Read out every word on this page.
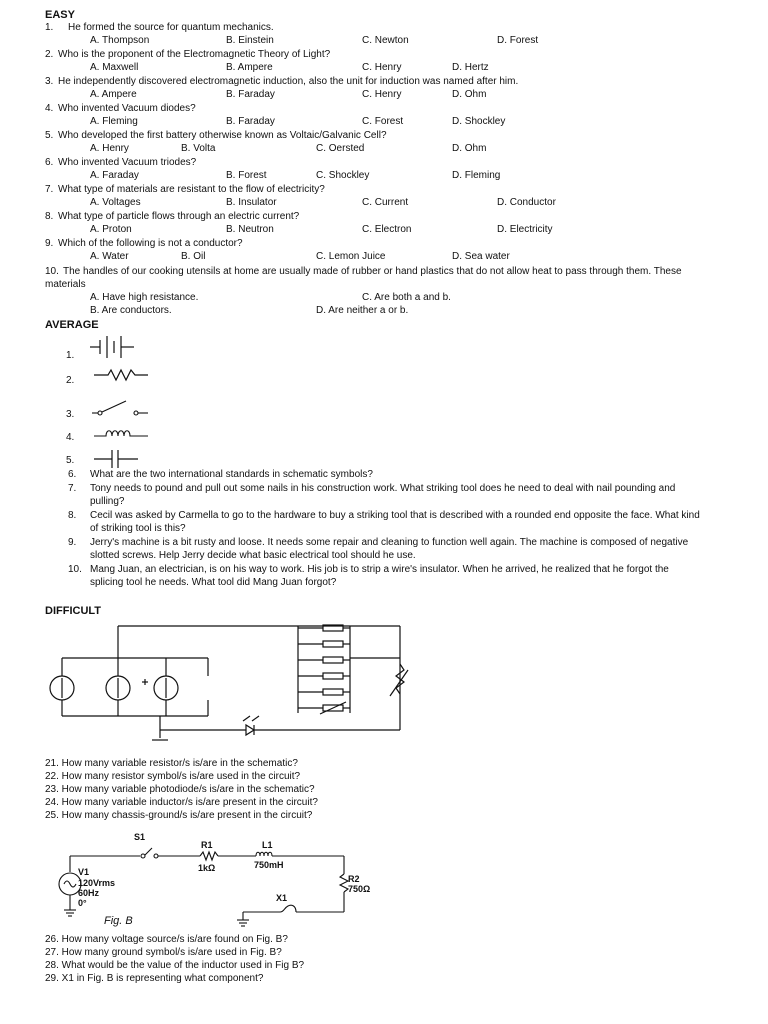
EASY
1. He formed the source for quantum mechanics.
A. Thompson	B. Einstein	C. Newton	D. Forest
2. Who is the proponent of the Electromagnetic Theory of Light?
A. Maxwell	B. Ampere	C. Henry	D. Hertz
3. He independently discovered electromagnetic induction, also the unit for induction was named after him.
A. Ampere	B. Faraday	C. Henry	D. Ohm
4. Who invented Vacuum diodes?
A. Fleming	B. Faraday	C. Forest	D. Shockley
5. Who developed the first battery otherwise known as Voltaic/Galvanic Cell?
A. Henry	B. Volta	C. Oersted	D. Ohm
6. Who invented Vacuum triodes?
A. Faraday	B. Forest	C. Shockley	D. Fleming
7. What type of materials are resistant to the flow of electricity?
A. Voltages	B. Insulator	C. Current	D. Conductor
8. What type of particle flows through an electric current?
A. Proton	B. Neutron	C. Electron	D. Electricity
9. Which of the following is not a conductor?
A. Water	B. Oil	C. Lemon Juice	D. Sea water
10. The handles of our cooking utensils at home are usually made of rubber or hand plastics that do not allow heat to pass through them. These
materials
A. Have high resistance.	C. Are both a and b.
B. Are conductors.	D. Are neither a or b.
AVERAGE
1.
2.
3.
4.
5.
6. What are the two international standards in schematic symbols?
7. Tony needs to pound and pull out some nails in his construction work. What striking tool does he need to deal with nail pounding and
pulling?
8. Cecil was asked by Carmella to go to the hardware to buy a striking tool that is described with a rounded end opposite the face. What kind
of striking tool is this?
9. Jerry's machine is a bit rusty and loose. It needs some repair and cleaning to function well again. The machine is composed of negative
slotted screws. Help Jerry decide what basic electrical tool should he use.
10. Mang Juan, an electrician, is on his way to work. His job is to strip a wire's insulator. When he arrived, he realized that he forgot the
splicing tool he needs. What tool did Mang Juan forgot?
DIFFICULT
21. How many variable resistor/s is/are in the schematic?
22. How many resistor symbol/s is/are used in the circuit?
23. How many variable photodiode/s is/are in the schematic?
24. How many variable inductor/s is/are present in the circuit?
25. How many chassis-ground/s is/are present in the circuit?
S1
R1
1kΩ
L1
750mH
V1
120Vrms
60Hz
0°
R2
750Ω
X1
Fig. B
26. How many voltage source/s is/are found on Fig. B?
27. How many ground symbol/s is/are used in Fig. B?
28. What would be the value of the inductor used in Fig B?
29. X1 in Fig. B is representing what component?
